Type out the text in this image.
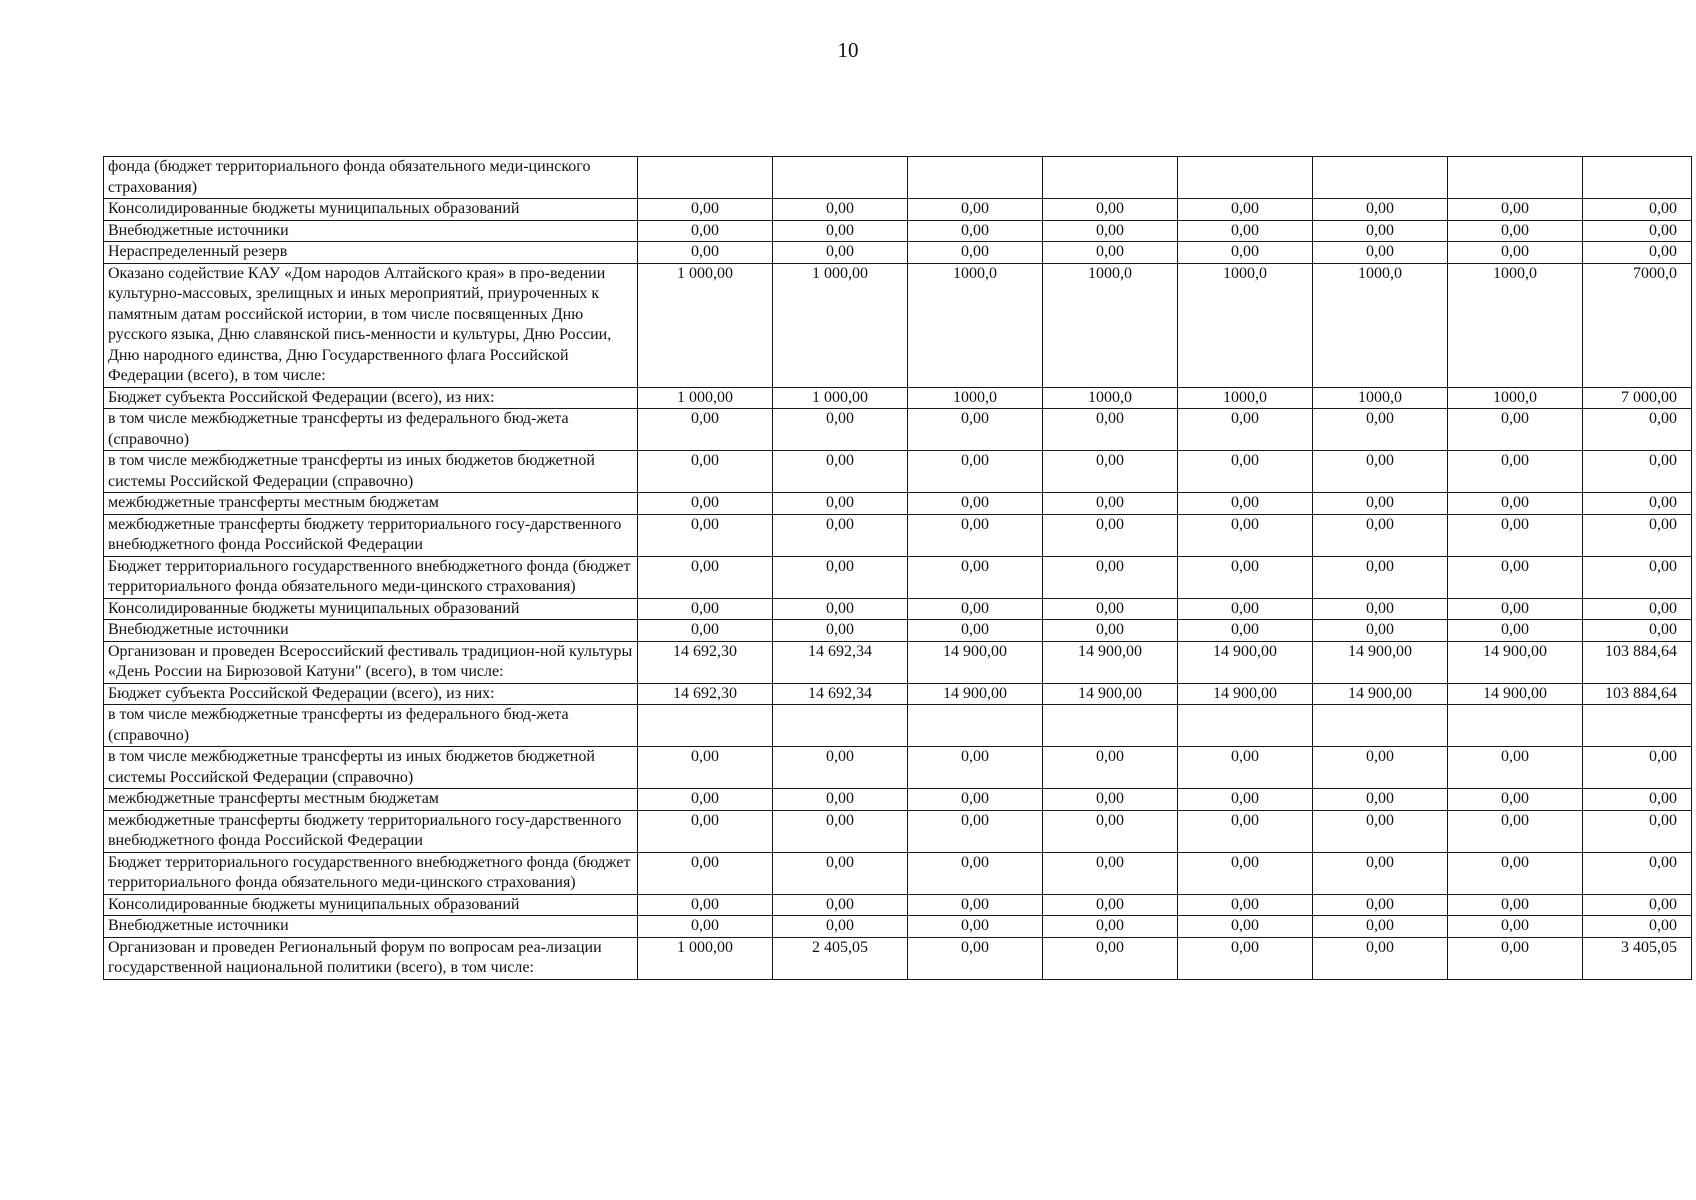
10
фонда (бюджет территориального фонда обязательного меди-цинского страхования)								
Консолидированные бюджеты муниципальных образований	0,00	0,00	0,00	0,00	0,00	0,00	0,00	0,00
Внебюджетные источники	0,00	0,00	0,00	0,00	0,00	0,00	0,00	0,00
Нераспределенный резерв	0,00	0,00	0,00	0,00	0,00	0,00	0,00	0,00
Оказано содействие КАУ «Дом народов Алтайского края» в про-ведении культурно-массовых, зрелищных и иных мероприятий, приуроченных к памятным датам российской истории, в том числе посвященных Дню русского языка, Дню славянской пись-менности и культуры, Дню России, Дню народного единства, Дню Государственного флага Российской Федерации (всего), в том числе:	1 000,00	1 000,00	1000,0	1000,0	1000,0	1000,0	1000,0	7000,0
Бюджет субъекта Российской Федерации (всего), из них:	1 000,00	1 000,00	1000,0	1000,0	1000,0	1000,0	1000,0	7 000,00
в том числе межбюджетные трансферты из федерального бюд-жета (справочно)	0,00	0,00	0,00	0,00	0,00	0,00	0,00	0,00
в том числе межбюджетные трансферты из иных бюджетов бюджетной системы Российской Федерации (справочно)	0,00	0,00	0,00	0,00	0,00	0,00	0,00	0,00
межбюджетные трансферты местным бюджетам	0,00	0,00	0,00	0,00	0,00	0,00	0,00	0,00
межбюджетные трансферты бюджету территориального госу-дарственного внебюджетного фонда Российской Федерации	0,00	0,00	0,00	0,00	0,00	0,00	0,00	0,00
Бюджет территориального государственного внебюджетного фонда (бюджет территориального фонда обязательного меди-цинского страхования)	0,00	0,00	0,00	0,00	0,00	0,00	0,00	0,00
Консолидированные бюджеты муниципальных образований	0,00	0,00	0,00	0,00	0,00	0,00	0,00	0,00
Внебюджетные источники	0,00	0,00	0,00	0,00	0,00	0,00	0,00	0,00
Организован и проведен Всероссийский фестиваль традицион-ной культуры «День России на Бирюзовой Катуни" (всего), в том числе:	14 692,30	14 692,34	14 900,00	14 900,00	14 900,00	14 900,00	14 900,00	103 884,64
Бюджет субъекта Российской Федерации (всего), из них:	14 692,30	14 692,34	14 900,00	14 900,00	14 900,00	14 900,00	14 900,00	103 884,64
в том числе межбюджетные трансферты из федерального бюд-жета (справочно)								
в том числе межбюджетные трансферты из иных бюджетов бюджетной системы Российской Федерации (справочно)	0,00	0,00	0,00	0,00	0,00	0,00	0,00	0,00
межбюджетные трансферты местным бюджетам	0,00	0,00	0,00	0,00	0,00	0,00	0,00	0,00
межбюджетные трансферты бюджету территориального госу-дарственного внебюджетного фонда Российской Федерации	0,00	0,00	0,00	0,00	0,00	0,00	0,00	0,00
Бюджет территориального государственного внебюджетного фонда (бюджет территориального фонда обязательного меди-цинского страхования)	0,00	0,00	0,00	0,00	0,00	0,00	0,00	0,00
Консолидированные бюджеты муниципальных образований	0,00	0,00	0,00	0,00	0,00	0,00	0,00	0,00
Внебюджетные источники	0,00	0,00	0,00	0,00	0,00	0,00	0,00	0,00
Организован и проведен Региональный форум по вопросам реа-лизации государственной национальной политики (всего), в том числе:	1 000,00	2 405,05	0,00	0,00	0,00	0,00	0,00	3 405,05
